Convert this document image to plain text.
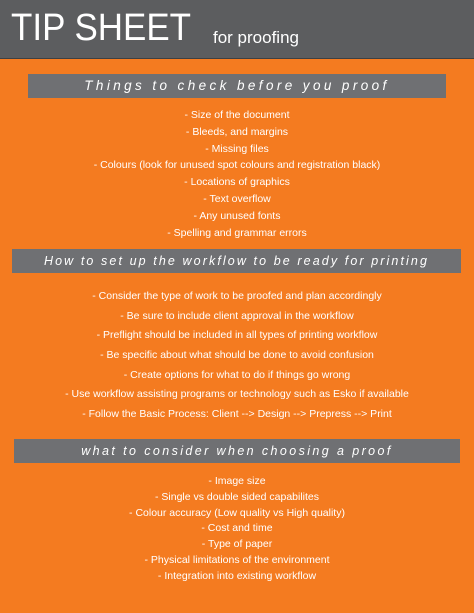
TIP SHEET for proofing
Things to check before you proof
- Size of the document
- Bleeds, and margins
- Missing files
- Colours (look for unused spot colours and registration black)
- Locations of graphics
- Text overflow
- Any unused fonts
- Spelling and grammar errors
How to set up the workflow to be ready for printing
- Consider the type of work to be proofed and plan accordingly
- Be sure to include client approval in the workflow
- Preflight should be included in all types of printing workflow
- Be specific about what should be done to avoid confusion
- Create options for what to do if things go wrong
- Use workflow assisting programs or technology such as Esko if available
- Follow the Basic Process: Client --> Design --> Prepress --> Print
what to consider when choosing a proof
- Image size
- Single vs double sided capabilites
- Colour accuracy (Low quality vs High quality)
- Cost and time
- Type of paper
- Physical limitations of the environment
- Integration into existing workflow
